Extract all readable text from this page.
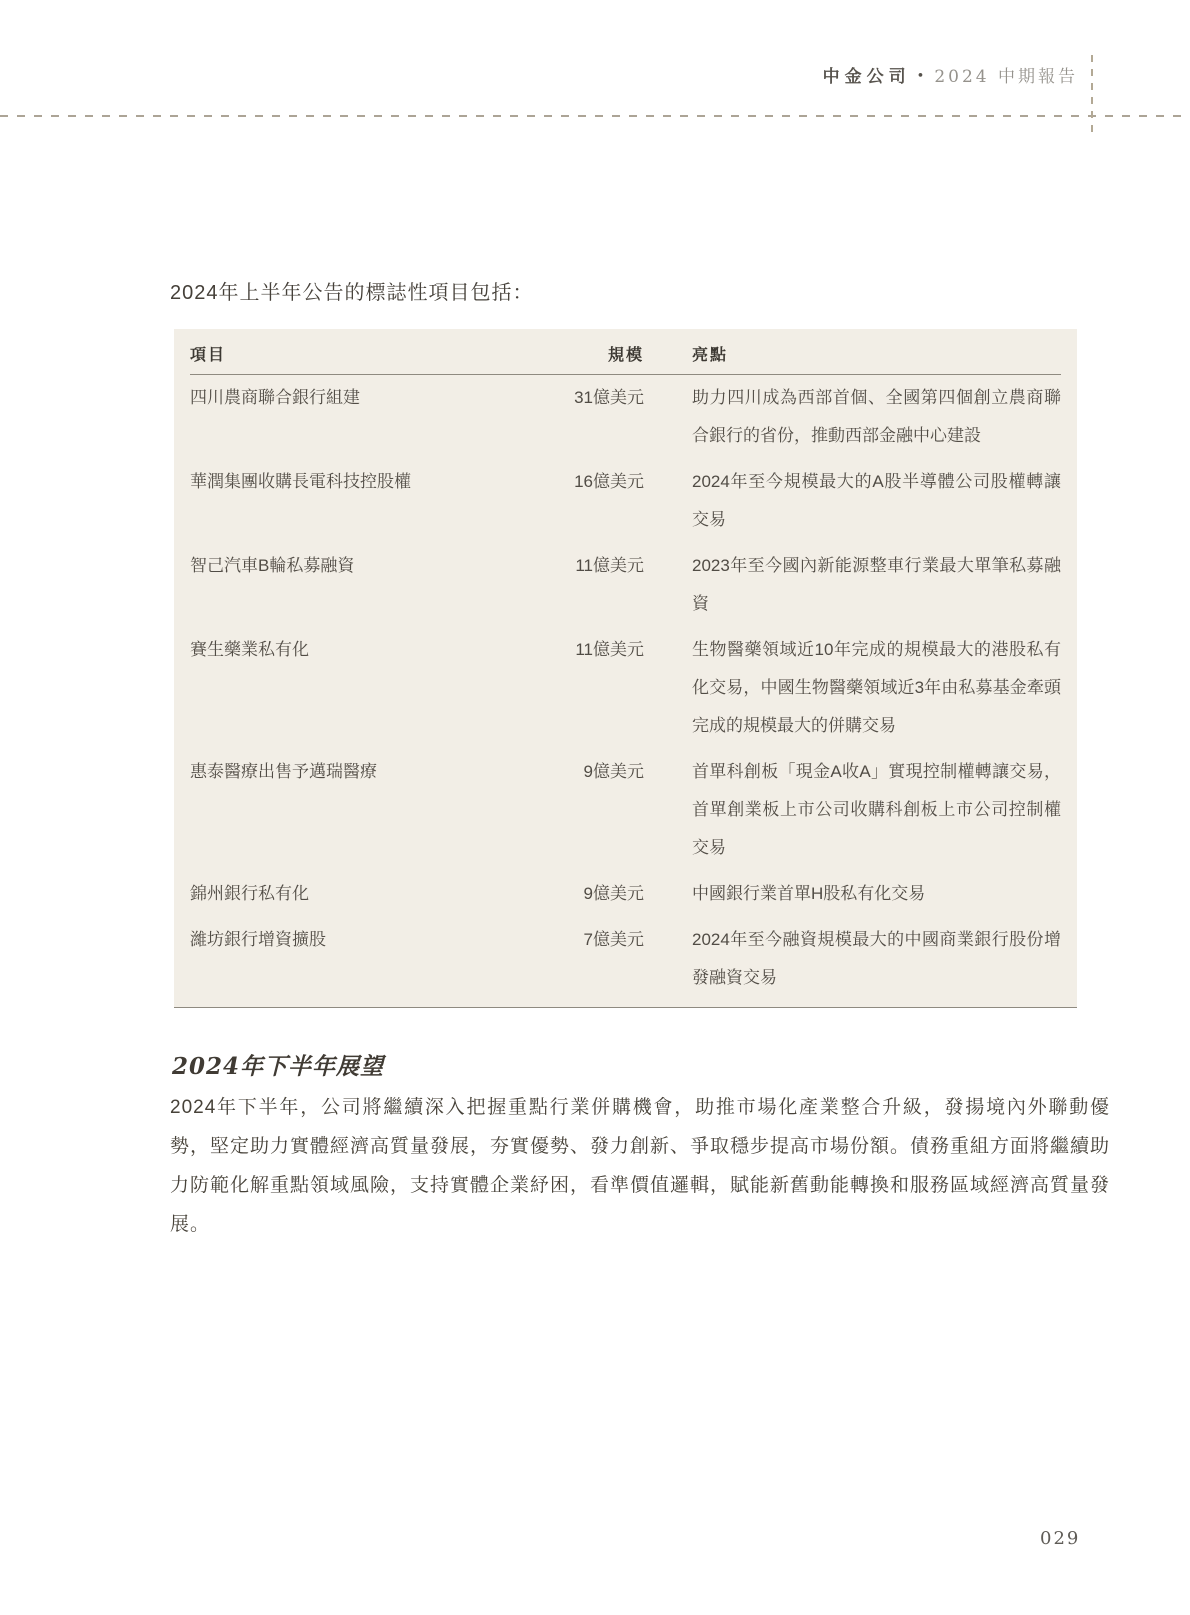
中金公司 • 2024 中期報告
2024年上半年公告的標誌性項目包括：
項目	規模	亮點
四川農商聯合銀行組建	31億美元	助力四川成為西部首個、全國第四個創立農商聯合銀行的省份，推動西部金融中心建設
華潤集團收購長電科技控股權	16億美元	2024年至今規模最大的A股半導體公司股權轉讓交易
智己汽車B輪私募融資	11億美元	2023年至今國內新能源整車行業最大單筆私募融資
賽生藥業私有化	11億美元	生物醫藥領域近10年完成的規模最大的港股私有化交易，中國生物醫藥領域近3年由私募基金牽頭完成的規模最大的併購交易
惠泰醫療出售予邁瑞醫療	9億美元	首單科創板「現金A收A」實現控制權轉讓交易，首單創業板上市公司收購科創板上市公司控制權交易
錦州銀行私有化	9億美元	中國銀行業首單H股私有化交易
濰坊銀行增資擴股	7億美元	2024年至今融資規模最大的中國商業銀行股份增發融資交易
2024年下半年展望
2024年下半年，公司將繼續深入把握重點行業併購機會，助推市場化產業整合升級，發揚境內外聯動優勢，堅定助力實體經濟高質量發展，夯實優勢、發力創新、爭取穩步提高市場份額。債務重組方面將繼續助力防範化解重點領域風險，支持實體企業紓困，看準價值邏輯，賦能新舊動能轉換和服務區域經濟高質量發展。
029
